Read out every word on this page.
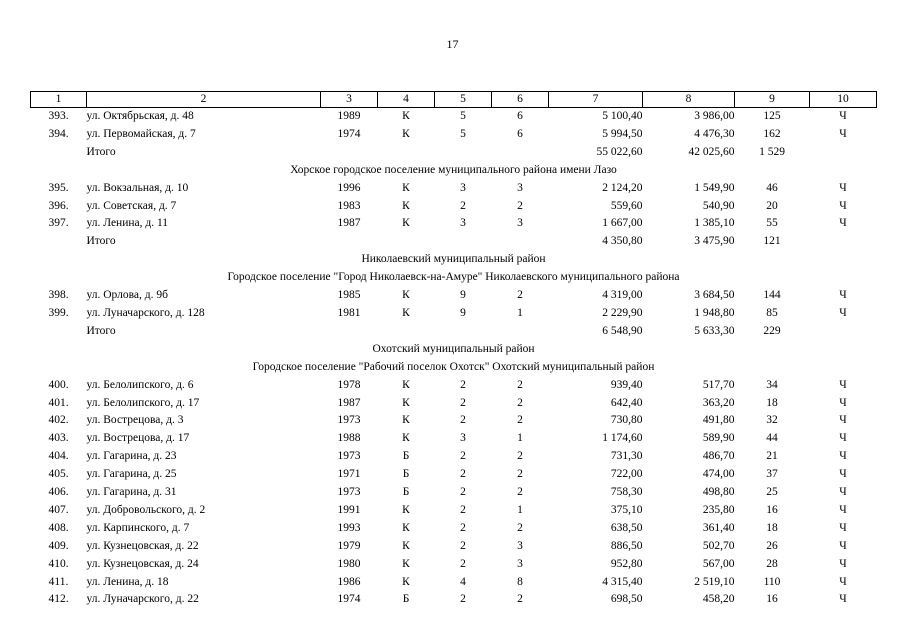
17
1	2	3	4	5	6	7	8	9	10
393.	ул. Октябрьская, д. 48	1989	К	5	6	5 100,40	3 986,00	125	Ч
394.	ул. Первомайская, д. 7	1974	К	5	6	5 994,50	4 476,30	162	Ч
	Итого					55 022,60	42 025,60	1 529	
Хорское городское поселение муниципального района имени Лазо									
395.	ул. Вокзальная, д. 10	1996	К	3	3	2 124,20	1 549,90	46	Ч
396.	ул. Советская, д. 7	1983	К	2	2	559,60	540,90	20	Ч
397.	ул. Ленина, д. 11	1987	К	3	3	1 667,00	1 385,10	55	Ч
	Итого					4 350,80	3 475,90	121	
Николаевский муниципальный район									
Городское поселение "Город Николаевск-на-Амуре" Николаевского муниципального района									
398.	ул. Орлова, д. 9б	1985	К	9	2	4 319,00	3 684,50	144	Ч
399.	ул. Луначарского, д. 128	1981	К	9	1	2 229,90	1 948,80	85	Ч
	Итого					6 548,90	5 633,30	229	
Охотский муниципальный район									
Городское поселение "Рабочий поселок Охотск" Охотский муниципальный район									
400.	ул. Белолипского, д. 6	1978	К	2	2	939,40	517,70	34	Ч
401.	ул. Белолипского, д. 17	1987	К	2	2	642,40	363,20	18	Ч
402.	ул. Вострецова, д. 3	1973	К	2	2	730,80	491,80	32	Ч
403.	ул. Вострецова, д. 17	1988	К	3	1	1 174,60	589,90	44	Ч
404.	ул. Гагарина, д. 23	1973	Б	2	2	731,30	486,70	21	Ч
405.	ул. Гагарина, д. 25	1971	Б	2	2	722,00	474,00	37	Ч
406.	ул. Гагарина, д. 31	1973	Б	2	2	758,30	498,80	25	Ч
407.	ул. Добровольского, д. 2	1991	К	2	1	375,10	235,80	16	Ч
408.	ул. Карпинского, д. 7	1993	К	2	2	638,50	361,40	18	Ч
409.	ул. Кузнецовская, д. 22	1979	К	2	3	886,50	502,70	26	Ч
410.	ул. Кузнецовская, д. 24	1980	К	2	3	952,80	567,00	28	Ч
411.	ул. Ленина, д. 18	1986	К	4	8	4 315,40	2 519,10	110	Ч
412.	ул. Луначарского, д. 22	1974	Б	2	2	698,50	458,20	16	Ч
